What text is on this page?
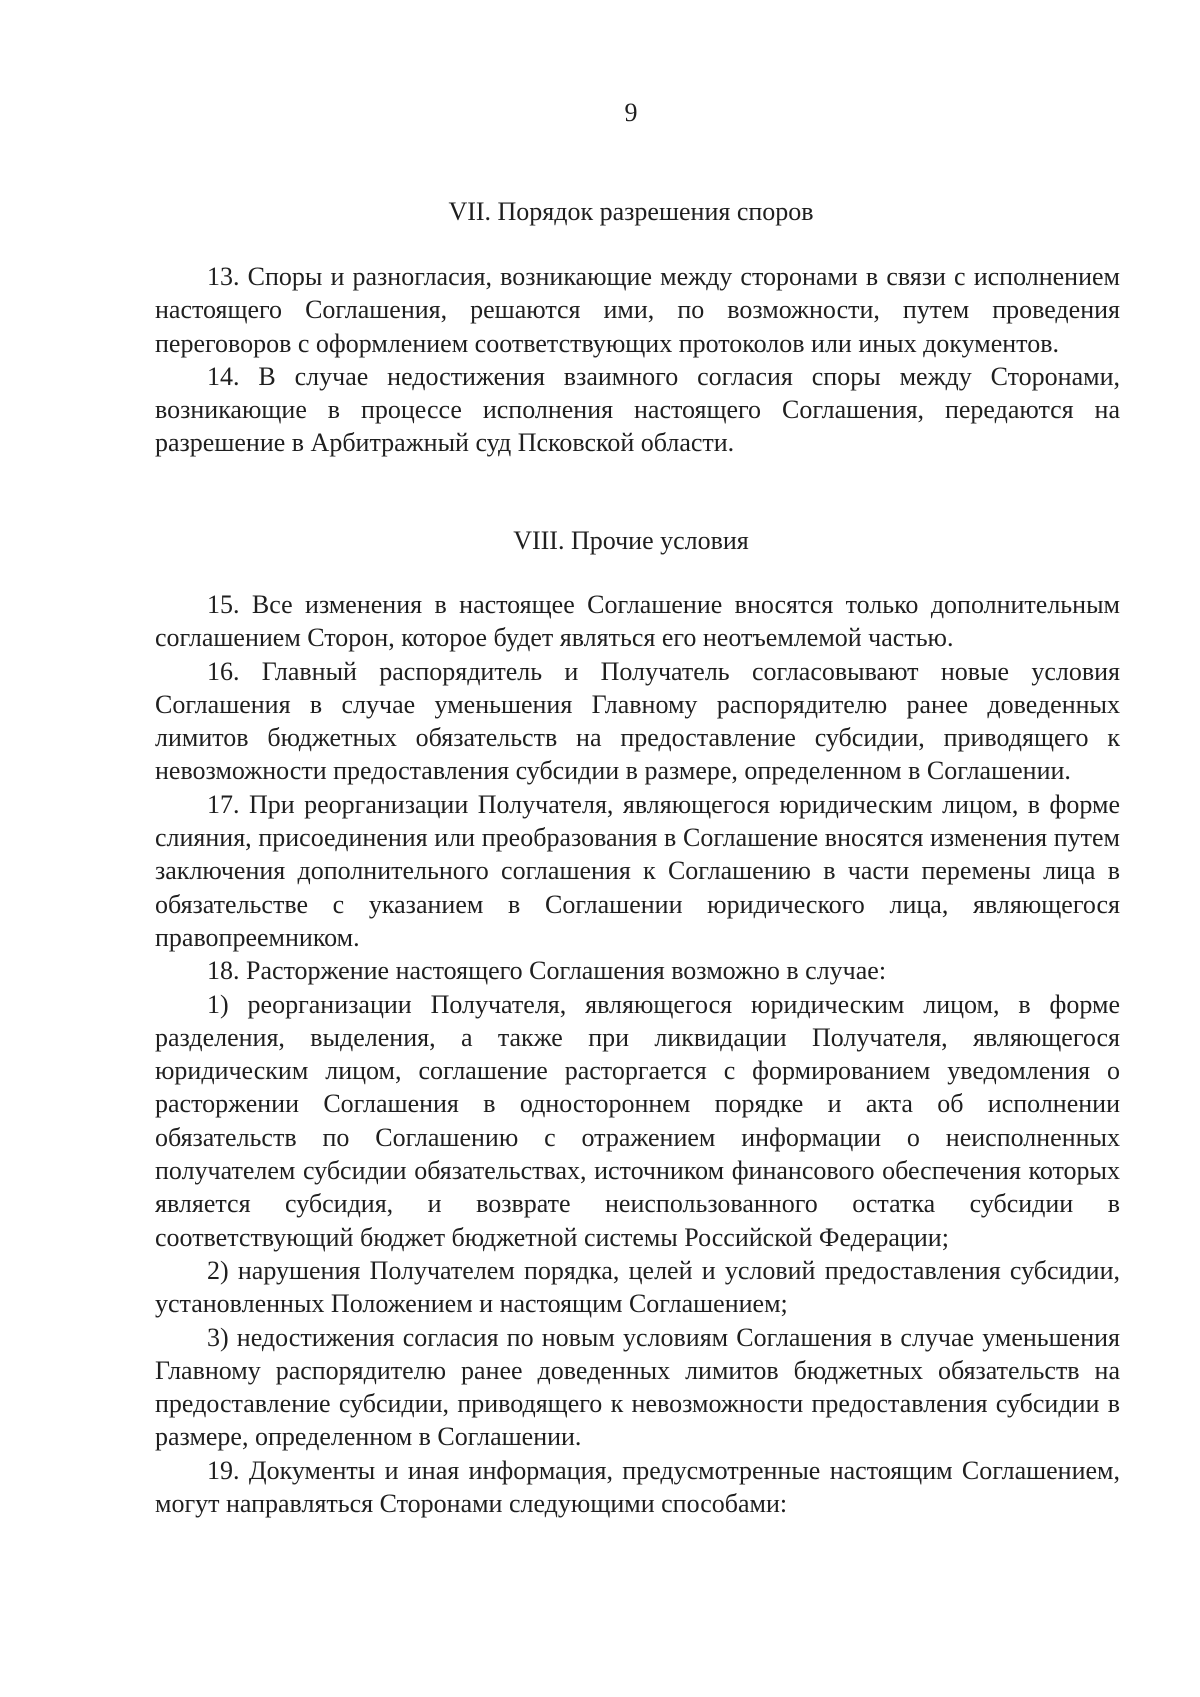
9
VII. Порядок разрешения споров

13. Споры и разногласия, возникающие между сторонами в связи с исполнением настоящего Соглашения, решаются ими, по возможности, путем проведения переговоров с оформлением соответствующих протоколов или иных документов.

14. В случае недостижения взаимного согласия споры между Сторонами, возникающие в процессе исполнения настоящего Соглашения, передаются на разрешение в Арбитражный суд Псковской области.

VIII. Прочие условия

15. Все изменения в настоящее Соглашение вносятся только дополнительным соглашением Сторон, которое будет являться его неотъемлемой частью.

16. Главный распорядитель и Получатель согласовывают новые условия Соглашения в случае уменьшения Главному распорядителю ранее доведенных лимитов бюджетных обязательств на предоставление субсидии, приводящего к невозможности предоставления субсидии в размере, определенном в Соглашении.

17. При реорганизации Получателя, являющегося юридическим лицом, в форме слияния, присоединения или преобразования в Соглашение вносятся изменения путем заключения дополнительного соглашения к Соглашению в части перемены лица в обязательстве с указанием в Соглашении юридического лица, являющегося правопреемником.

18. Расторжение настоящего Соглашения возможно в случае:

1) реорганизации Получателя, являющегося юридическим лицом, в форме разделения, выделения, а также при ликвидации Получателя, являющегося юридическим лицом, соглашение расторгается с формированием уведомления о расторжении Соглашения в одностороннем порядке и акта об исполнении обязательств по Соглашению с отражением информации о неисполненных получателем субсидии обязательствах, источником финансового обеспечения которых является субсидия, и возврате неиспользованного остатка субсидии в соответствующий бюджет бюджетной системы Российской Федерации;

2) нарушения Получателем порядка, целей и условий предоставления субсидии, установленных Положением и настоящим Соглашением;

3) недостижения согласия по новым условиям Соглашения в случае уменьшения Главному распорядителю ранее доведенных лимитов бюджетных обязательств на предоставление субсидии, приводящего к невозможности предоставления субсидии в размере, определенном в Соглашении.

19. Документы и иная информация, предусмотренные настоящим Соглашением, могут направляться Сторонами следующими способами:
